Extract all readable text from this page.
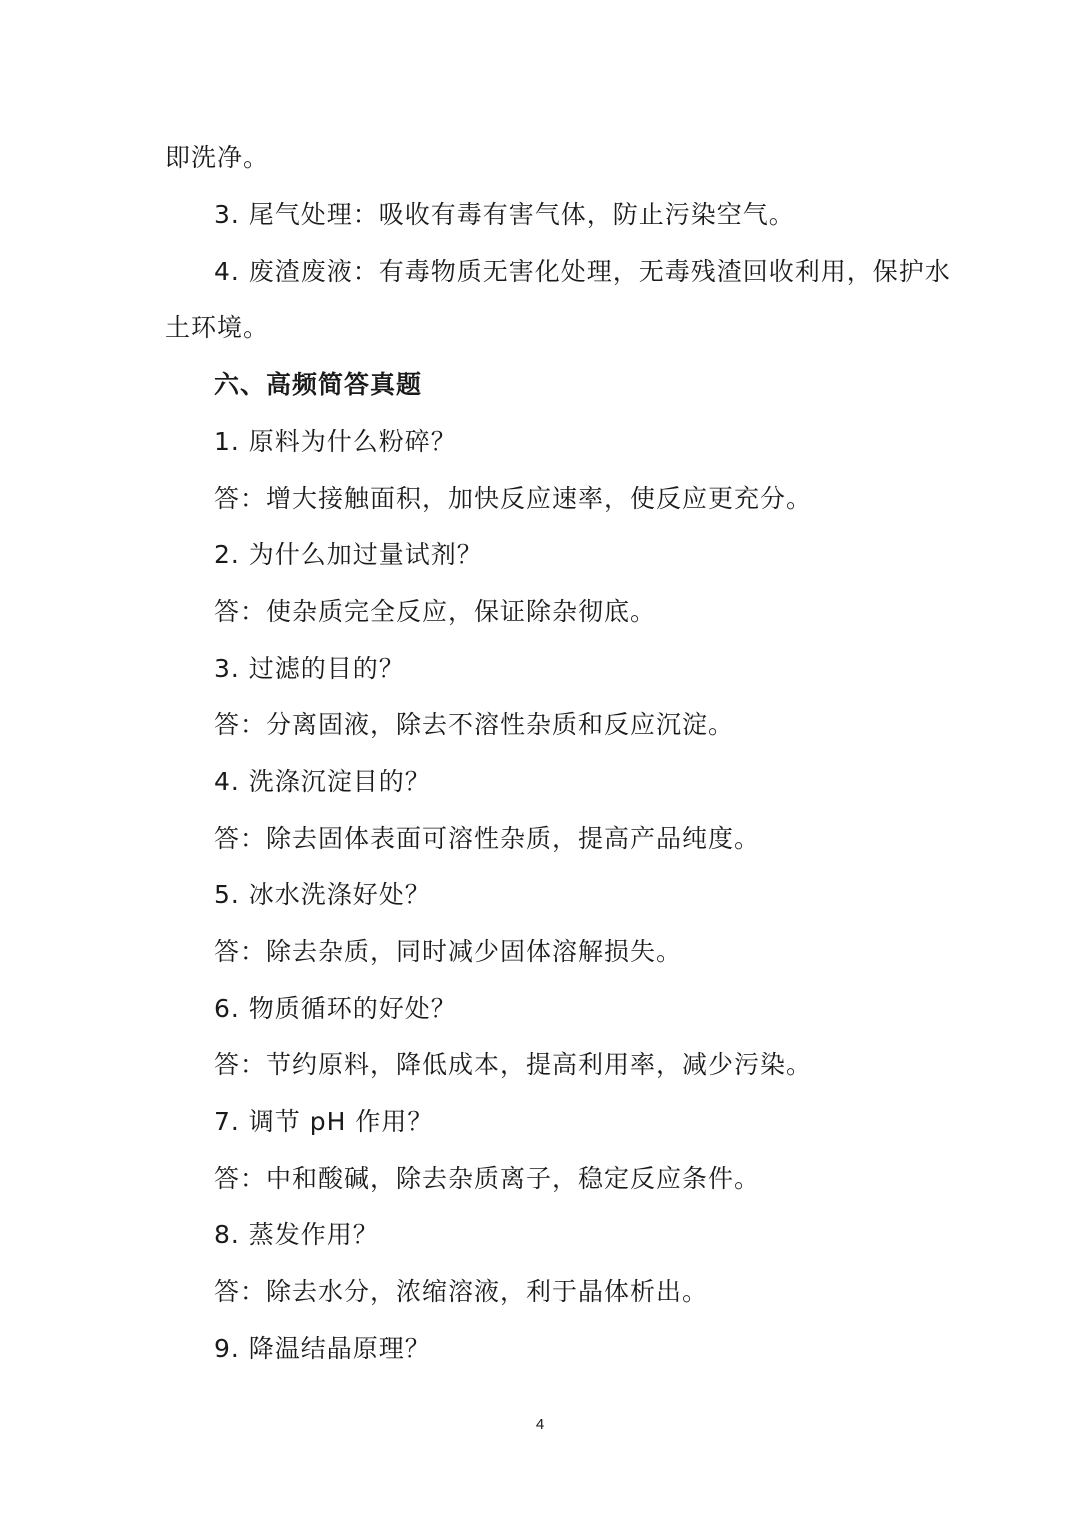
即洗净。
3. 尾气处理：吸收有毒有害气体，防止污染空气。
4. 废渣废液：有毒物质无害化处理，无毒残渣回收利用，保护水
土环境。
六、高频简答真题
1. 原料为什么粉碎？
答：增大接触面积，加快反应速率，使反应更充分。
2. 为什么加过量试剂？
答：使杂质完全反应，保证除杂彻底。
3. 过滤的目的？
答：分离固液，除去不溶性杂质和反应沉淀。
4. 洗涤沉淀目的？
答：除去固体表面可溶性杂质，提高产品纯度。
5. 冰水洗涤好处？
答：除去杂质，同时减少固体溶解损失。
6. 物质循环的好处？
答：节约原料，降低成本，提高利用率，减少污染。
7. 调节 pH 作用？
答：中和酸碱，除去杂质离子，稳定反应条件。
8. 蒸发作用？
答：除去水分，浓缩溶液，利于晶体析出。
9. 降温结晶原理？
4
